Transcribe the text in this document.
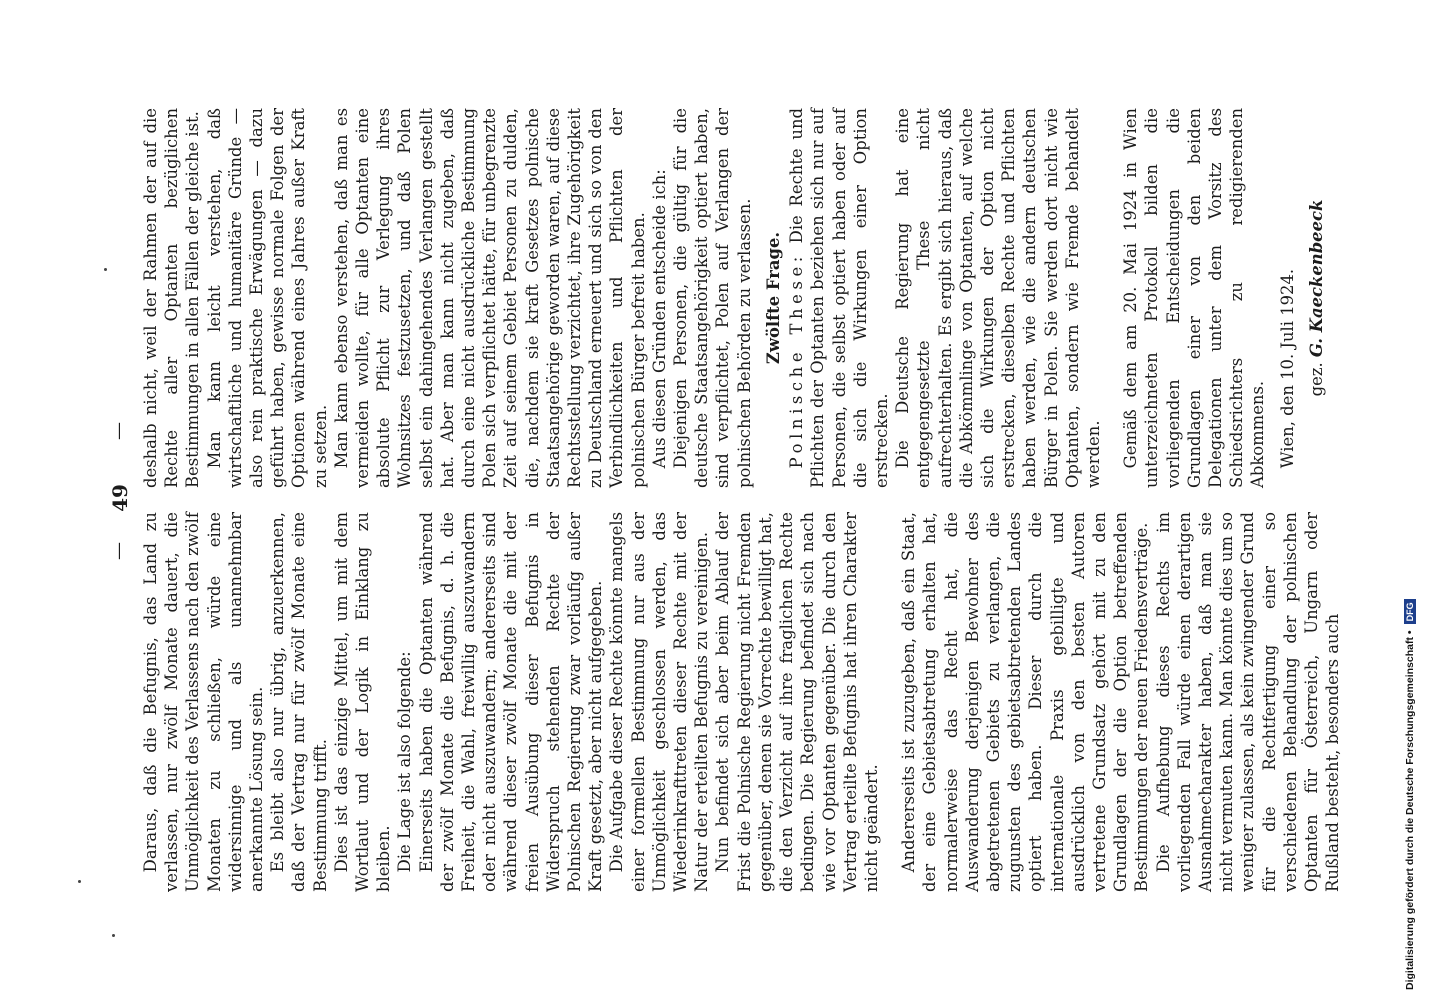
—
49
—

Daraus, daß die Befugnis, das Land zu verlassen, nur zwölf Monate dauert, die Unmöglichkeit des Verlassens nach den zwölf Monaten zu schließen, würde eine widersinnige und als unannehmbar anerkannte Lösung sein. Es bleibt also nur übrig, anzuerkennen, daß der Vertrag nur für zwölf Monate eine Bestimmung trifft. Dies ist das einzige Mittel, um mit dem Wortlaut und der Logik in Einklang zu bleiben. Die Lage ist also folgende: Einerseits haben die Optanten während der zwölf Monate die Befugnis, d. h. die Freiheit, die Wahl, freiwillig auszuwandern oder nicht auszuwandern; andererseits sind während dieser zwölf Monate die mit der freien Ausübung dieser Befugnis in Widerspruch stehenden Rechte der Polnischen Regierung zwar vorläufig außer Kraft gesetzt, aber nicht aufgegeben. Die Aufgabe dieser Rechte könnte mangels einer formellen Bestimmung nur aus der Unmöglichkeit geschlossen werden, das Wiederinkrafttreten dieser Rechte mit der Natur der erteilten Befugnis zu vereinigen. Nun befindet sich aber beim Ablauf der Frist die Polnische Regierung nicht Fremden gegenüber, denen sie Vorrechte bewilligt hat, die den Verzicht auf ihre fraglichen Rechte bedingen. Die Regierung befindet sich nach wie vor Optanten gegenüber. Die durch den Vertrag erteilte Befugnis hat ihren Charakter nicht geändert. Andererseits ist zuzugeben, daß ein Staat, der eine Gebietsabtretung erhalten hat, normalerweise das Recht hat, die Auswanderung derjenigen Bewohner des abgetretenen Gebiets zu verlangen, die zugunsten des gebietsabtretenden Landes optiert haben. Dieser durch die internationale Praxis gebilligte und ausdrücklich von den besten Autoren vertretene Grundsatz gehört mit zu den Grundlagen der die Option betreffenden Bestimmungen der neuen Friedensverträge. Die Aufhebung dieses Rechts im vorliegenden Fall würde einen derartigen Ausnahmecharakter haben, daß man sie nicht vermuten kann. Man könnte dies um so weniger zulassen, als kein zwingender Grund für die Rechtfertigung einer so verschiedenen Behandlung der polnischen Optanten für Österreich, Ungarn oder Rußland besteht, besonders auch

deshalb nicht, weil der Rahmen der auf die Rechte aller Optanten bezüglichen Bestimmungen in allen Fällen der gleiche ist. Man kann leicht verstehen, daß wirtschaftliche und humanitäre Gründe — also rein praktische Erwägungen — dazu geführt haben, gewisse normale Folgen der Optionen während eines Jahres außer Kraft zu setzen. Man kann ebenso verstehen, daß man es vermeiden wollte, für alle Optanten eine absolute Pflicht zur Verlegung ihres Wohnsitzes festzusetzen, und daß Polen selbst ein dahingehendes Verlangen gestellt hat. Aber man kann nicht zugeben, daß durch eine nicht ausdrückliche Bestimmung Polen sich verpflichtet hätte, für unbegrenzte Zeit auf seinem Gebiet Personen zu dulden, die, nachdem sie kraft Gesetzes polnische Staatsangehörige geworden waren, auf diese Rechtsstellung verzichtet, ihre Zugehörigkeit zu Deutschland erneuert und sich so von den Verbindlichkeiten und Pflichten der polnischen Bürger befreit haben. Aus diesen Gründen entscheide ich: Diejenigen Personen, die gültig für die deutsche Staatsangehörigkeit optiert haben, sind verpflichtet, Polen auf Verlangen der polnischen Behörden zu verlassen. Zwölfte Frage. Polnische These: Die Rechte und Pflichten der Optanten beziehen sich nur auf Personen, die selbst optiert haben oder auf die sich die Wirkungen einer Option erstrecken. Die Deutsche Regierung hat eine entgegengesetzte These nicht aufrechterhalten. Es ergibt sich hieraus, daß die Abkömmlinge von Optanten, auf welche sich die Wirkungen der Option nicht erstrecken, dieselben Rechte und Pflichten haben werden, wie die andern deutschen Bürger in Polen. Sie werden dort nicht wie Optanten, sondern wie Fremde behandelt werden. Gemäß dem am 20. Mai 1924 in Wien unterzeichneten Protokoll bilden die vorliegenden Entscheidungen die Grundlagen einer von den beiden Delegationen unter dem Vorsitz des Schiedsrichters zu redigierenden Abkommens. Wien, den 10. Juli 1924. gez. G. Kaeckenbeeck

Digitalisierung gefördert durch die Deutsche Forschungsgemeinschaft •
DFG
